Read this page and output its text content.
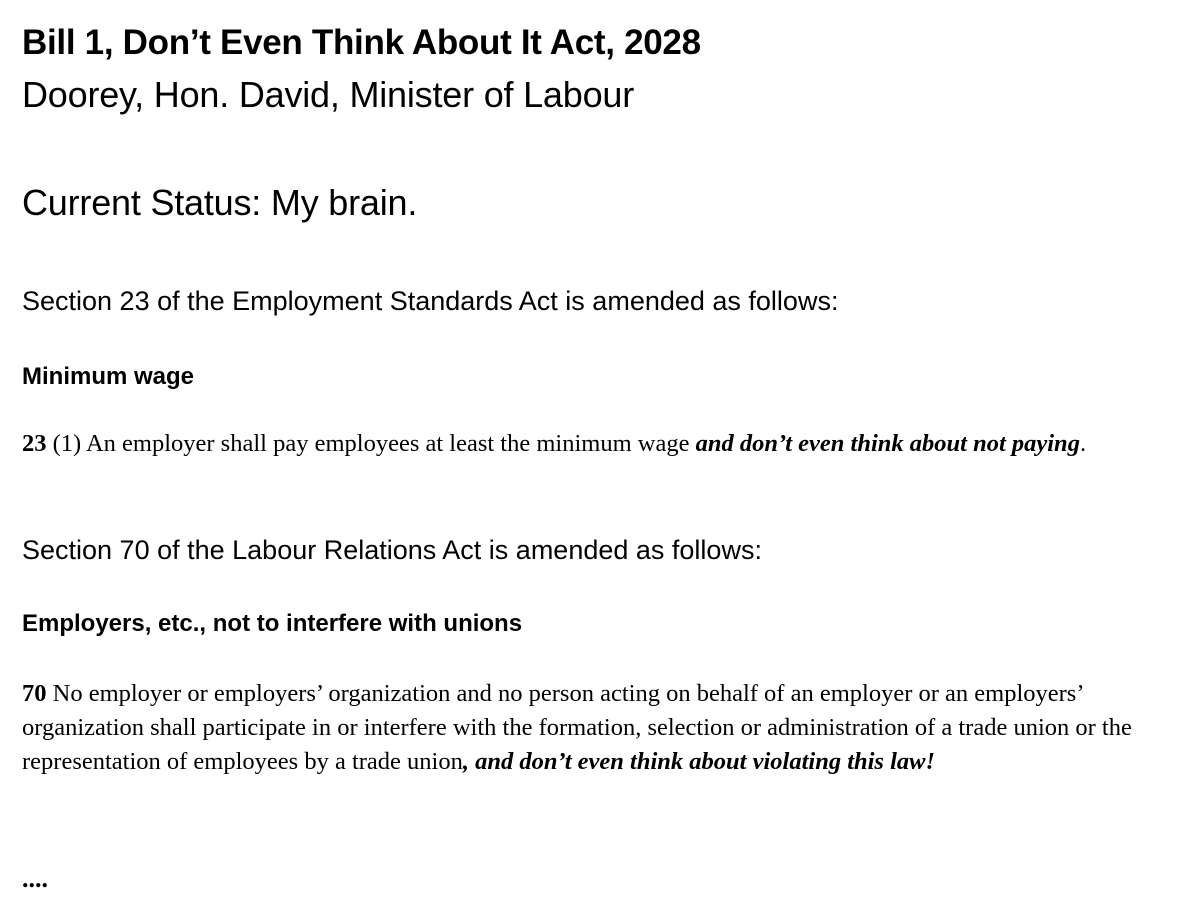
Bill 1, Don’t Even Think About It Act, 2028
Doorey, Hon. David, Minister of Labour
Current Status: My brain.
Section 23 of the Employment Standards Act is amended as follows:
Minimum wage
23 (1) An employer shall pay employees at least the minimum wage and don’t even think about not paying.
Section 70 of the Labour Relations Act is amended as follows:
Employers, etc., not to interfere with unions
70 No employer or employers’ organization and no person acting on behalf of an employer or an employers’ organization shall participate in or interfere with the formation, selection or administration of a trade union or the representation of employees by a trade union, and don’t even think about violating this law!
....
